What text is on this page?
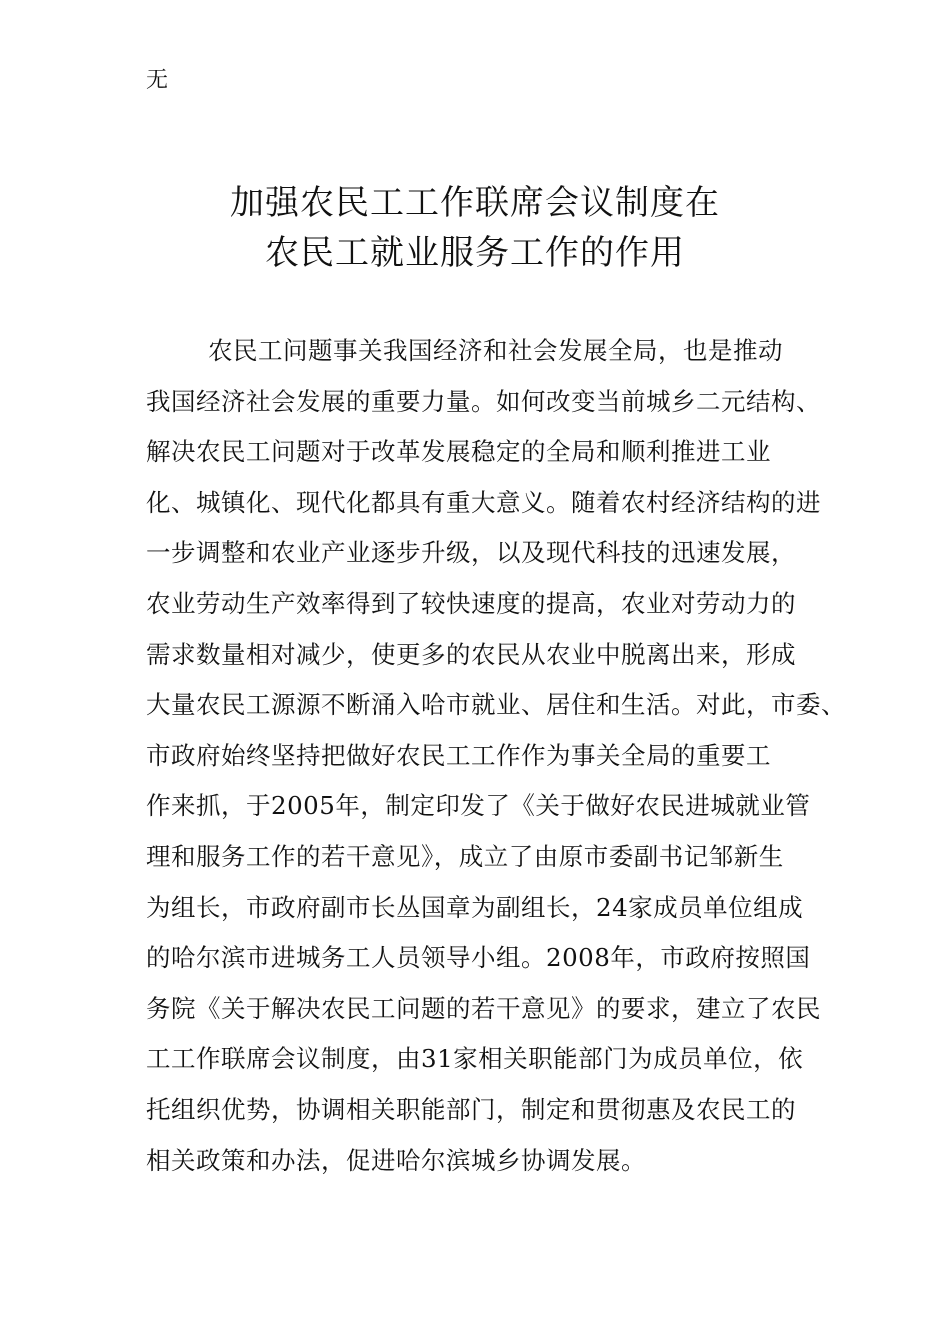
无
加强农民工工作联席会议制度在
农民工就业服务工作的作用
农民工问题事关我国经济和社会发展全局，也是推动
我国经济社会发展的重要力量。如何改变当前城乡二元结构、
解决农民工问题对于改革发展稳定的全局和顺利推进工业
化、城镇化、现代化都具有重大意义。随着农村经济结构的进
一步调整和农业产业逐步升级，以及现代科技的迅速发展，
农业劳动生产效率得到了较快速度的提高，农业对劳动力的
需求数量相对减少，使更多的农民从农业中脱离出来，形成
大量农民工源源不断涌入哈市就业、居住和生活。对此，市委、
市政府始终坚持把做好农民工工作作为事关全局的重要工
作来抓，于2005年，制定印发了《关于做好农民进城就业管
理和服务工作的若干意见》，成立了由原市委副书记邹新生
为组长，市政府副市长丛国章为副组长，24家成员单位组成
的哈尔滨市进城务工人员领导小组。2008年，市政府按照国
务院《关于解决农民工问题的若干意见》的要求，建立了农民
工工作联席会议制度，由31家相关职能部门为成员单位，依
托组织优势，协调相关职能部门，制定和贯彻惠及农民工的
相关政策和办法，促进哈尔滨城乡协调发展。
